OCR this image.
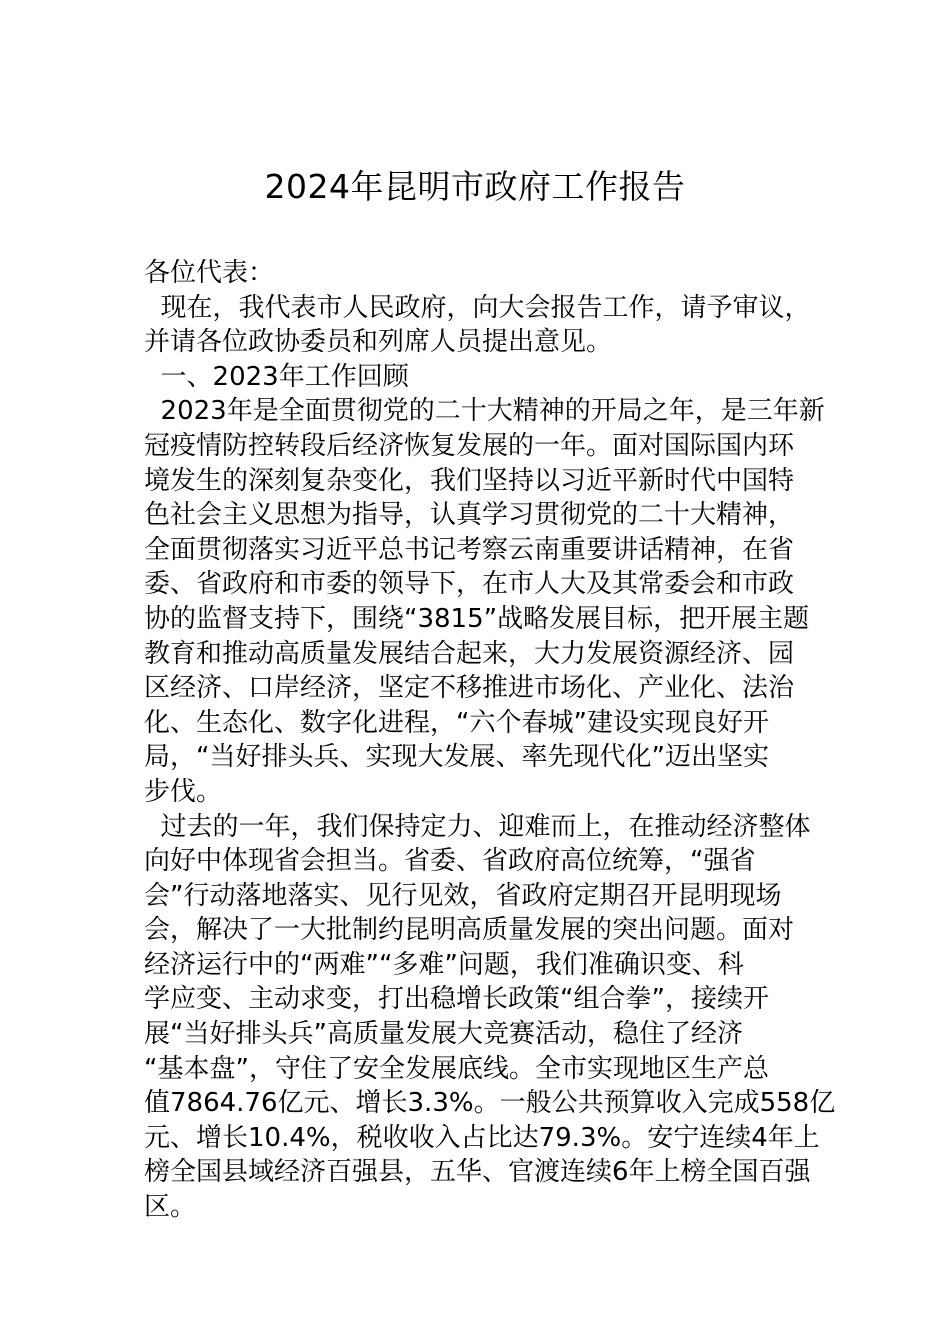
2024年昆明市政府工作报告
各位代表：
现在，我代表市人民政府，向大会报告工作，请予审议，
并请各位政协委员和列席人员提出意见。
一、2023年工作回顾
2023年是全面贯彻党的二十大精神的开局之年，是三年新
冠疫情防控转段后经济恢复发展的一年。面对国际国内环
境发生的深刻复杂变化，我们坚持以习近平新时代中国特
色社会主义思想为指导，认真学习贯彻党的二十大精神，
全面贯彻落实习近平总书记考察云南重要讲话精神，在省
委、省政府和市委的领导下，在市人大及其常委会和市政
协的监督支持下，围绕“3815”战略发展目标，把开展主题
教育和推动高质量发展结合起来，大力发展资源经济、园
区经济、口岸经济，坚定不移推进市场化、产业化、法治
化、生态化、数字化进程，“六个春城”建设实现良好开
局，“当好排头兵、实现大发展、率先现代化”迈出坚实
步伐。
过去的一年，我们保持定力、迎难而上，在推动经济整体
向好中体现省会担当。省委、省政府高位统筹，“强省
会”行动落地落实、见行见效，省政府定期召开昆明现场
会，解决了一大批制约昆明高质量发展的突出问题。面对
经济运行中的“两难”“多难”问题，我们准确识变、科
学应变、主动求变，打出稳增长政策“组合拳”，接续开
展“当好排头兵”高质量发展大竞赛活动，稳住了经济
“基本盘”，守住了安全发展底线。全市实现地区生产总
值7864.76亿元、增长3.3%。一般公共预算收入完成558亿
元、增长10.4%，税收收入占比达79.3%。安宁连续4年上
榜全国县域经济百强县，五华、官渡连续6年上榜全国百强
区。
